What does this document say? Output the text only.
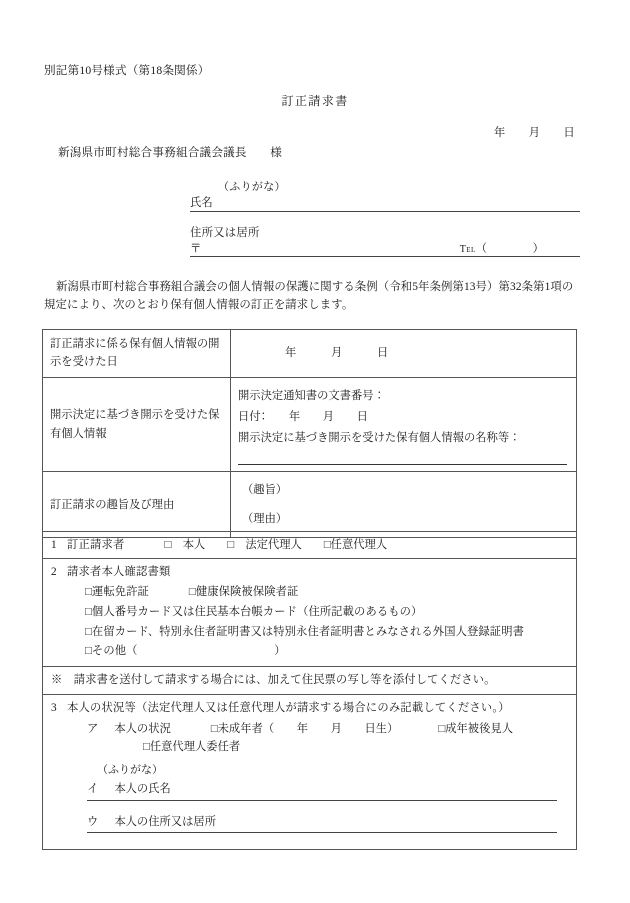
別記第10号様式（第18条関係）
訂正請求書
年　　月　　日
新潟県市町村総合事務組合議会議長　　様
（ふりがな）
氏名
住所又は居所
〒	Tel（　　　　）
新潟県市町村総合事務組合議会の個人情報の保護に関する条例（令和5年条例第13号）第32条第1項の規定により、次のとおり保有個人情報の訂正を請求します。
訂正請求に係る保有個人情報の開示を受けた日	年　　　月　　　日
開示決定に基づき開示を受けた保有個人情報	開示決定通知書の文書番号：
日付：　　年　　月　　日
開示決定に基づき開示を受けた保有個人情報の名称等：

訂正請求の趣旨及び理由	（趣旨）
（理由）
1 訂正請求者	□　本人 □　法定代理人 □任意代理人

2 請求者本人確認書類
□運転免許証	□健康保険被保険者証
□個人番号カード又は住民基本台帳カード（住所記載のあるもの）
□在留カード、特別永住者証明書又は特別永住者証明書とみなされる外国人登録証明書
□その他（　　　　　　　　　　　　）

※　請求書を送付して請求する場合には、加えて住民票の写し等を添付してください。

3 本人の状況等（法定代理人又は任意代理人が請求する場合にのみ記載してください。）
ア 本人の状況	□未成年者（　　年　　月　　日生）	□成年被後見人
□任意代理人委任者
（ふりがな）
イ 本人の氏名
ウ 本人の住所又は居所
